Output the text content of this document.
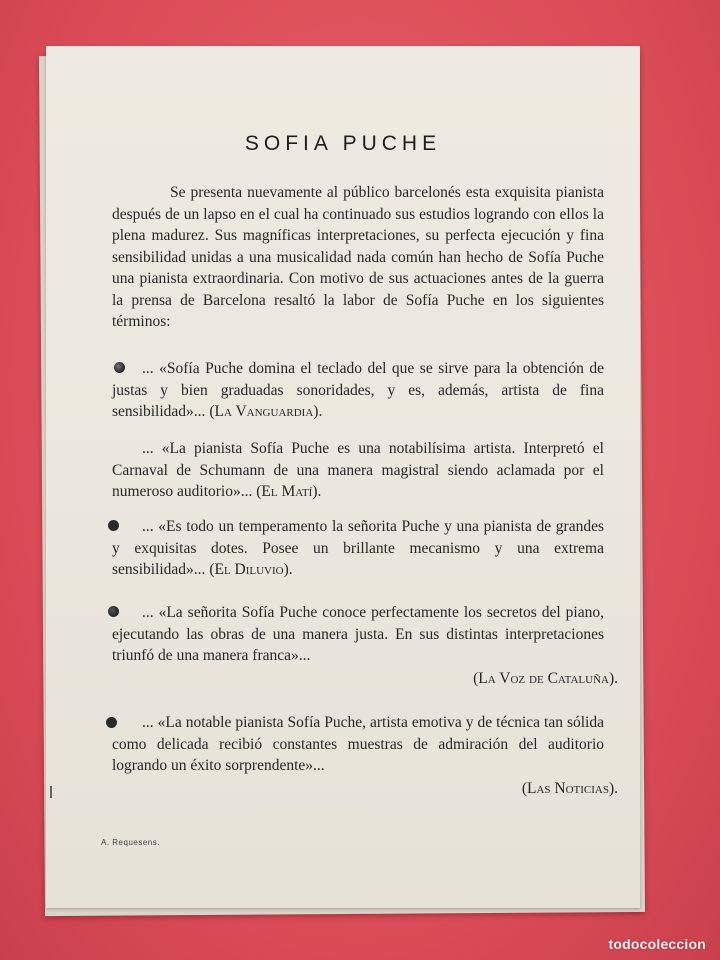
SOFIA PUCHE

Se presenta nuevamente al público barcelonés esta exquisita pianista después de un lapso en el cual ha continuado sus estudios logrando con ellos la plena madurez. Sus magníficas interpretaciones, su perfecta ejecución y fina sensibilidad unidas a una musicalidad nada común han hecho de Sofía Puche una pianista extraordinaria. Con motivo de sus actuaciones antes de la guerra la prensa de Barcelona resaltó la labor de Sofía Puche en los siguientes términos:

... «Sofía Puche domina el teclado del que se sirve para la obtención de justas y bien graduadas sonoridades, y es, además, artista de fina sensibilidad»... (La Vanguardia).

... «La pianista Sofía Puche es una notabilísima artista. Interpretó el Carnaval de Schumann de una manera magistral siendo aclamada por el numeroso auditorio»... (El Matí).

... «Es todo un temperamento la señorita Puche y una pianista de grandes y exquisitas dotes. Posee un brillante mecanismo y una extrema sensibilidad»... (El Diluvio).

... «La señorita Sofía Puche conoce perfectamente los secretos del piano, ejecutando las obras de una manera justa. En sus distintas interpretaciones triunfó de una manera franca»...

(La Voz de Cataluña).

... «La notable pianista Sofía Puche, artista emotiva y de técnica tan sólida como delicada recibió constantes muestras de admiración del auditorio logrando un éxito sorprendente»...

(Las Noticias).
A. Requesens.
todocoleccion
